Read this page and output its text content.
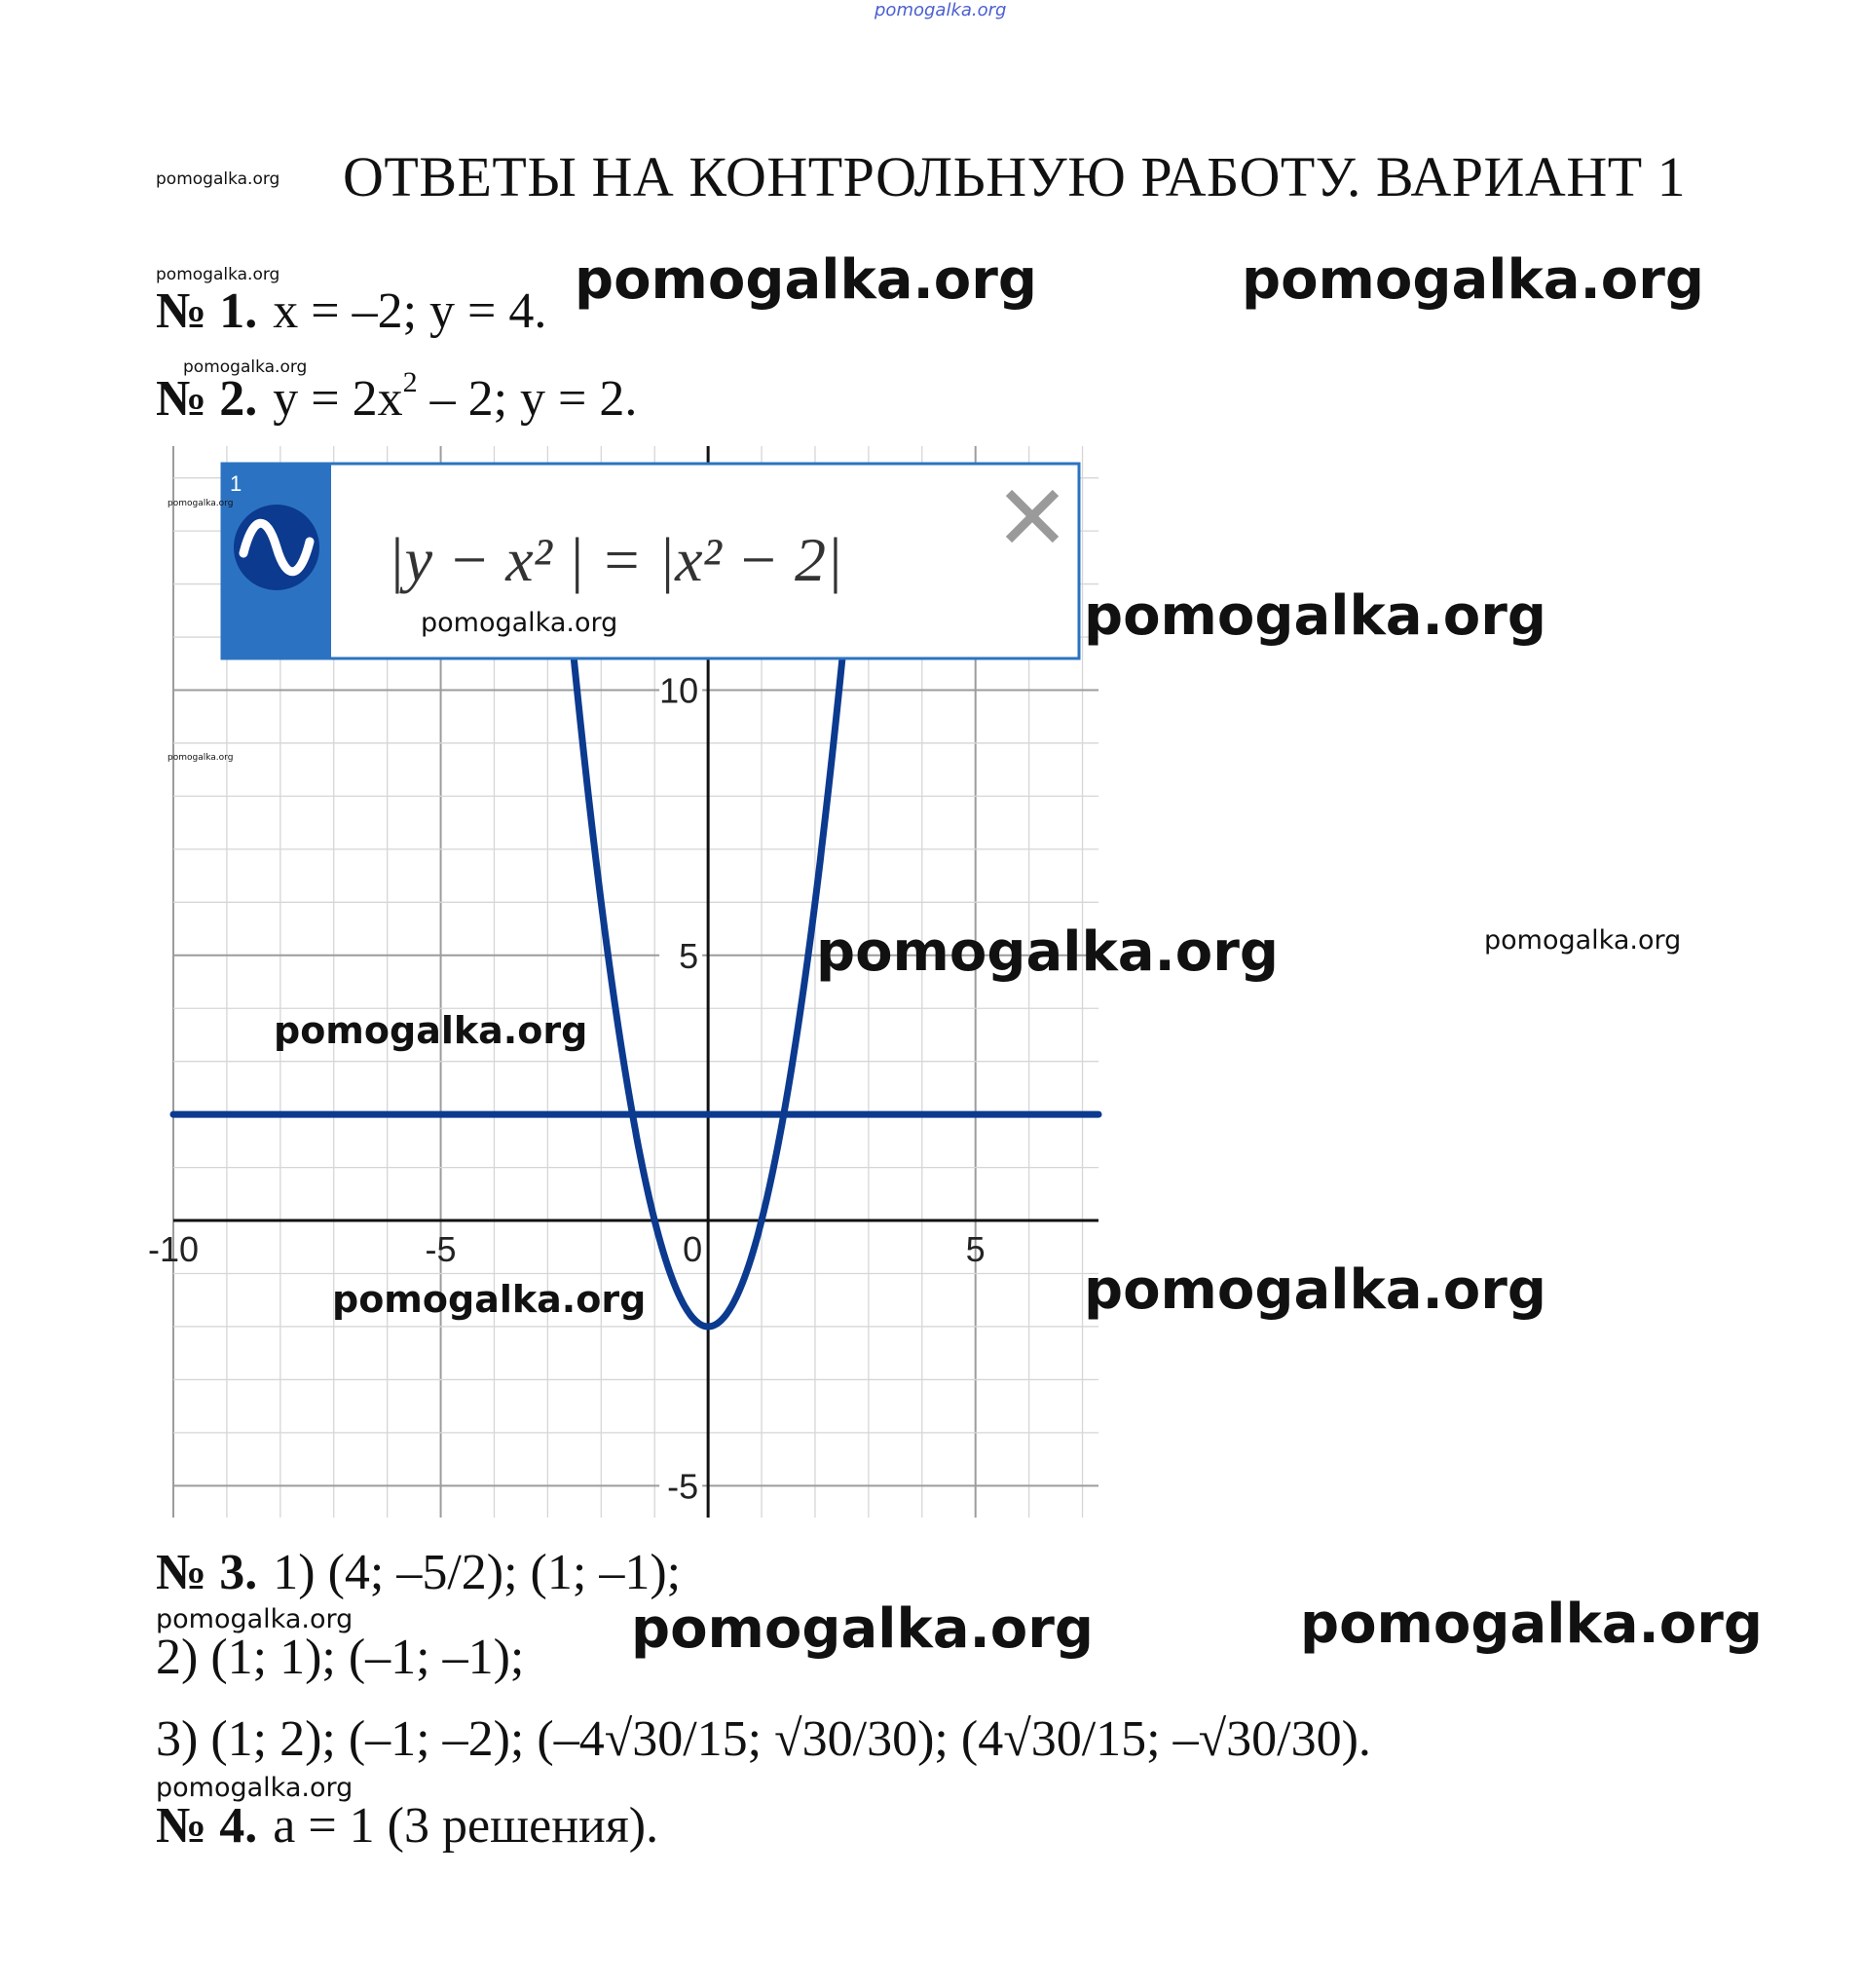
pomogalka.org
pomogalka.org ОТВЕТЫ НА КОНТРОЛЬНУЮ РАБОТУ. ВАРИАНТ 1
pomogalka.org
№ 1. x = –2; y = 4. pomogalka.org	pomogalka.org
pomogalka.org
№ 2. $y = 2x^2 - 2$; y = 2.
-10	-5	0	5
10
5
-5
1
|y − x² | = |x² − 2|
pomogalka.org
pomogalka.org	pomogalka.org
pomogalka.org
pomogalka.org	pomogalka.org
pomogalka.org
pomogalka.org	pomogalka.org
№ 3. 1) (4; –5/2); (1; –1);
pomogalka.org	pomogalka.org	pomogalka.org
2) (1; 1); (–1; –1);
3) (1; 2); (–1; –2); (–4√30/15; √30/30); (4√30/15; –√30/30).
pomogalka.org
№ 4. a = 1 (3 решения).
